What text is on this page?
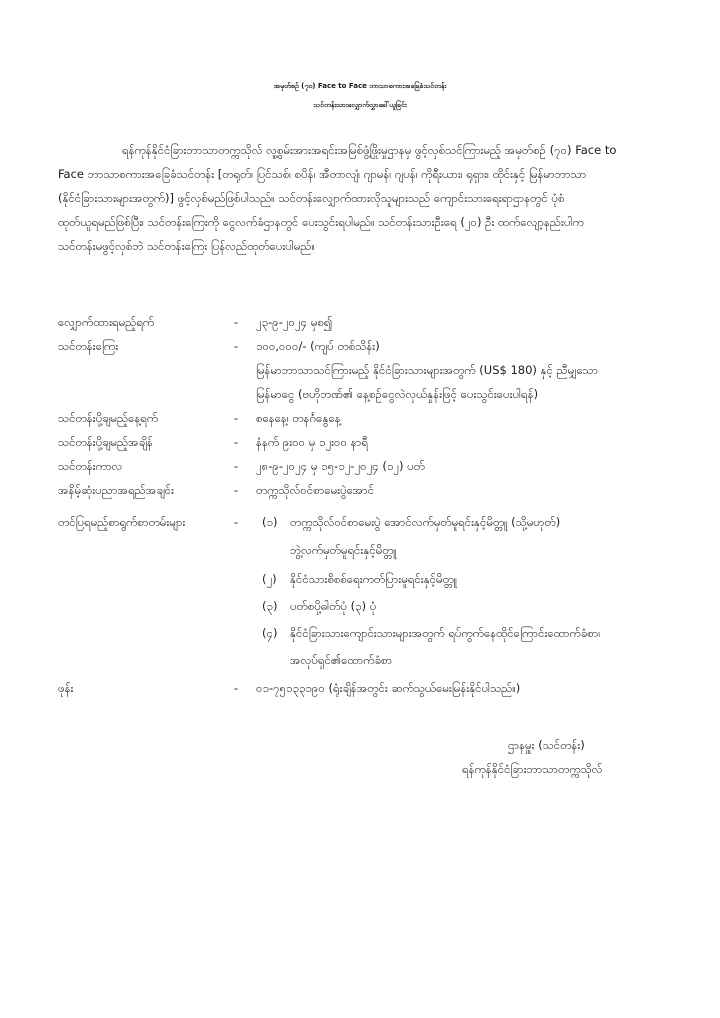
အမှတ်စဉ် (၇၀) Face to Face ဘာသာစကားအခြေခံသင်တန်း
သင်တန်းသားလျှောက်လွှာခေါ်ယူခြင်း
ရန်ကုန်နိုင်ငံခြားဘာသာတက္ကသိုလ် လူ့စွမ်းအားအရင်းအမြစ်ဖွံ့ဖြိုးမှုဌာနမှ ဖွင့်လှစ်သင်ကြားမည့် အမှတ်စဉ် (၇၀) Face to
Face ဘာသာစကားအခြေခံသင်တန်း [တရုတ်၊ ပြင်သစ်၊ စပိန်၊ အီတာလျံ၊ ဂျာမန်၊ ဂျပန်၊ ကိုရီးယား၊ ရုရှား၊ ထိုင်းနှင့် မြန်မာဘာသာ
(နိုင်ငံခြားသားများအတွက်)] ဖွင့်လှစ်မည်ဖြစ်ပါသည်။ သင်တန်းလျှောက်ထားလိုသူများသည် ကျောင်းသားရေးရာဌာနတွင် ပုံစံ
ထုတ်ယူရမည်ဖြစ်ပြီး၊ သင်တန်းကြေးကို ငွေလက်ခံဌာနတွင် ပေးသွင်းရပါမည်။ သင်တန်းသားဦးရေ (၂၀) ဦး ထက်လျော့နည်းပါက
သင်တန်းမဖွင့်လှစ်ဘဲ သင်တန်းကြေး ပြန်လည်ထုတ်ပေးပါမည်။
လျှောက်ထားရမည့်ရက်	- ၂၃-၉-၂၀၂၄ မှစ၍
သင်တန်းကြေး	- ၁၀၀,၀၀၀/- (ကျပ် တစ်သိန်း)
မြန်မာဘာသာသင်ကြားမည့် နိုင်ငံခြားသားများအတွက် (US$ 180) နှင့် ညီမျှသော
မြန်မာငွေ (ဗဟိုဘဏ်၏ နေ့စဉ်ငွေလဲလှယ်နှုန်းဖြင့် ပေးသွင်းပေးပါရန်)
သင်တန်းပို့ချမည့်နေ့ရက်	- စနေနေ့၊ တနင်္ဂနွေနေ့
သင်တန်းပို့ချမည့်အချိန်	- နံနက် ၉း၀၀ မှ ၁၂း၀၀ နာရီ
သင်တန်းကာလ	- ၂၈-၉-၂၀၂၄ မှ ၁၅-၁၂-၂၀၂၄ (၁၂) ပတ်
အနိမ့်ဆုံးပညာအရည်အချင်း	- တက္ကသိုလ်ဝင်စာမေးပွဲအောင်
တင်ပြရမည့်စာရွက်စာတမ်းများ	- (၁) တက္ကသိုလ်ဝင်စာမေးပွဲ အောင်လက်မှတ်မူရင်းနှင့်မိတ္တူ (သို့မဟုတ်)
ဘွဲ့လက်မှတ်မူရင်းနှင့်မိတ္တူ
(၂) နိုင်ငံသားစိစစ်ရေးကတ်ပြားမူရင်းနှင့်မိတ္တူ
(၃) ပတ်စပို့ဓါတ်ပုံ (၃) ပုံ
(၄) နိုင်ငံခြားသားကျောင်းသားများအတွက် ရပ်ကွက်နေထိုင်ကြောင်းထောက်ခံစာ၊
အလုပ်ရှင်၏ထောက်ခံစာ
ဖုန်း	- ၀၁-၇၅၁၃၃၁၉၀ (ရုံးချိန်အတွင်း ဆက်သွယ်မေးမြန်းနိုင်ပါသည်။)
ဌာနမှူး (သင်တန်း)
ရန်ကုန်နိုင်ငံခြားဘာသာတက္ကသိုလ်
